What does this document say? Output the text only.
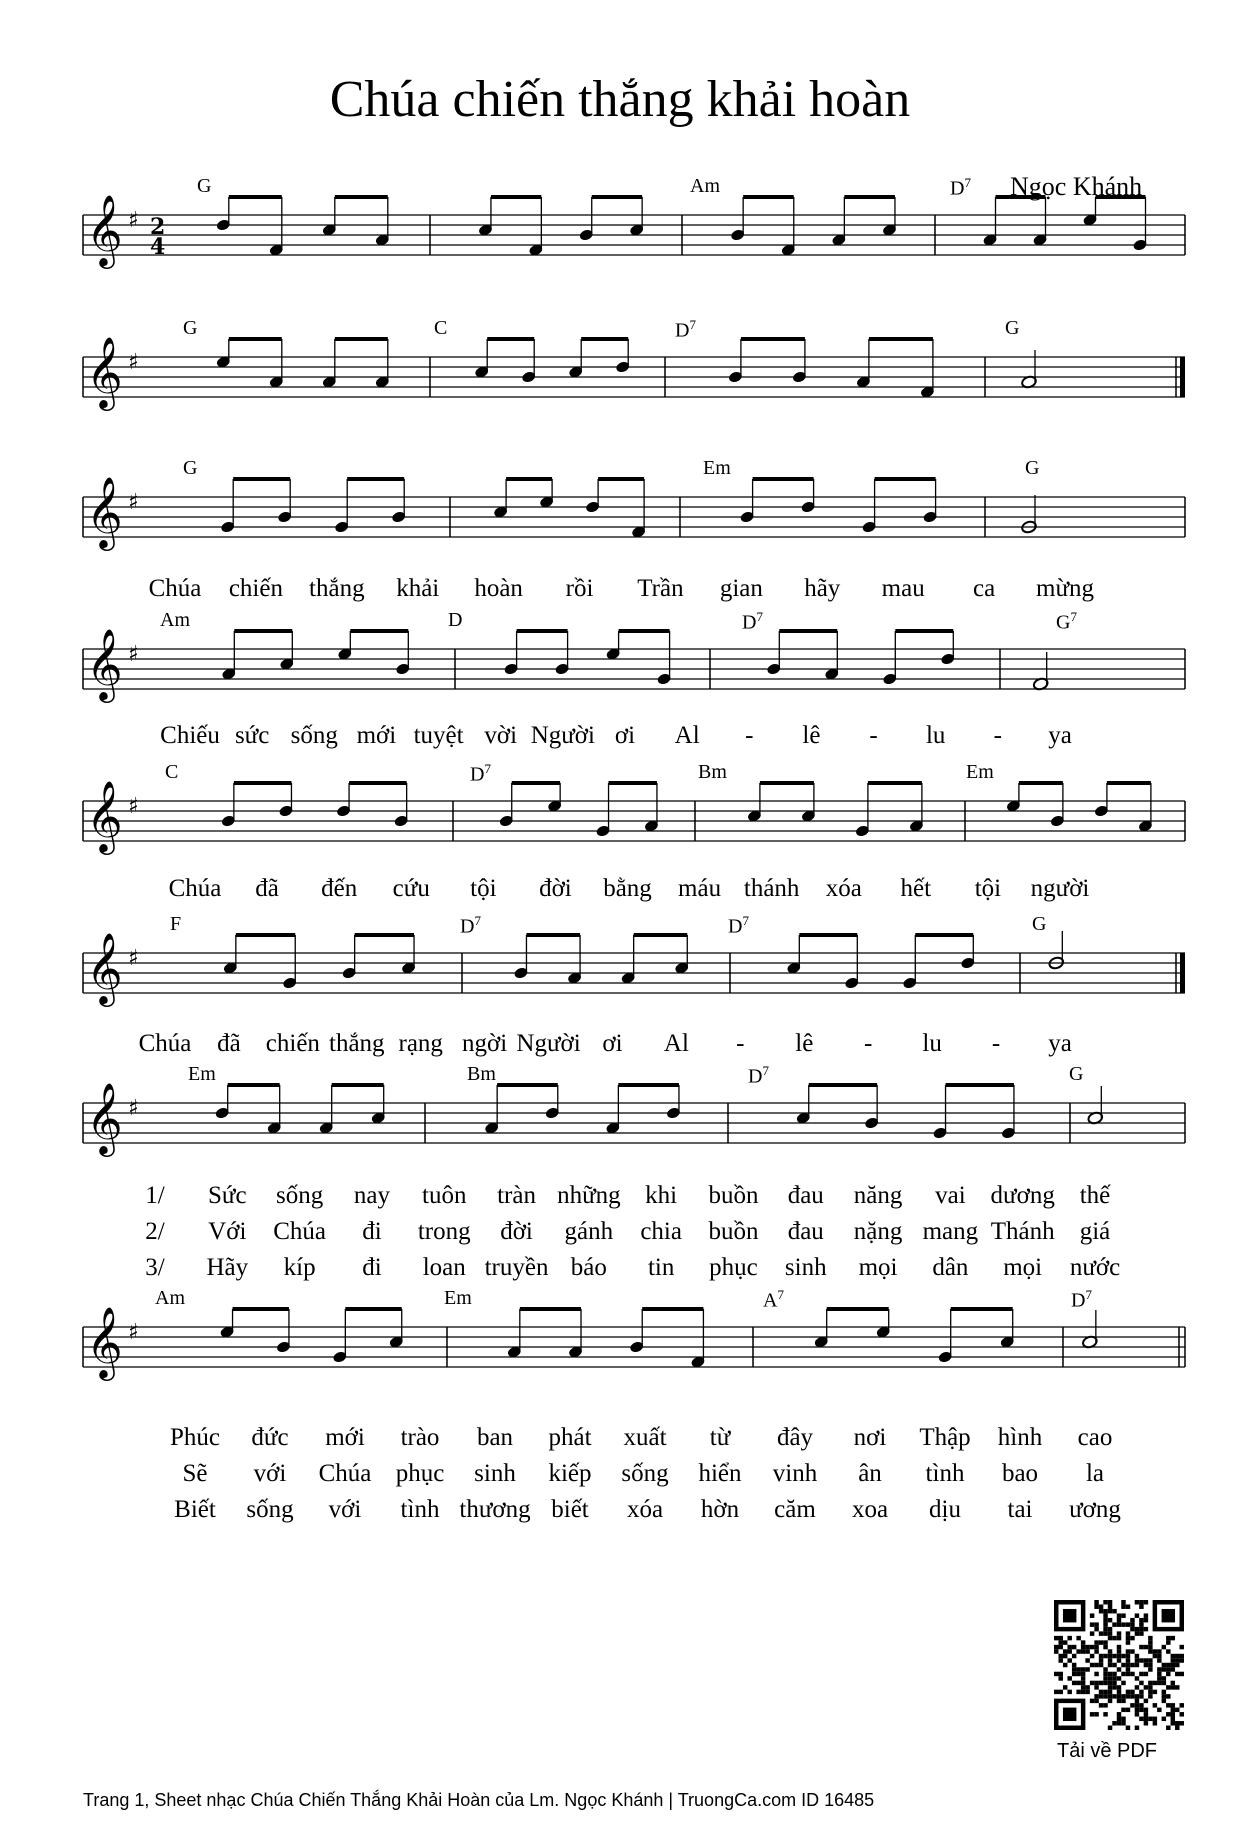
Chúa chiến thắng khải hoàn
Ngọc Khánh
𝄞 ♯ 2
4
G	Am	$D^7$
𝄞 ♯
G	C	$D^7$	G
𝄞 ♯
G	Em	G
𝄞 ♯
Am	D	$D^7$	$G^7$
𝄞 ♯
C	$D^7$	Bm	Em
𝄞 ♯
F	$D^7$	$D^7$	G
𝄞 ♯
Em	Bm	$D^7$	G
𝄞 ♯
Am	Em	$A^7$	$D^7$
Tải về PDF
Trang 1, Sheet nhạc Chúa Chiến Thắng Khải Hoàn của Lm. Ngọc Khánh | TruongCa.com ID 16485
Chúa chiến thắng khải hoàn rồi Trần gian hãy mau ca mừng
Chiếu sức sống mới tuyệt vời Người ơi Al - lê - lu - ya
Chúa đã đến cứu tội đời bằng máu thánh xóa hết tội người
Chúa đã chiến thắng rạng ngời Người ơi Al - lê - lu - ya
1/ Sức sống nay tuôn tràn những khi buồn đau năng vai dương thế
2/ Với Chúa đi trong đời gánh chia buồn đau nặng mang Thánh giá
3/ Hãy kíp đi loan truyền báo tin phục sinh mọi dân mọi nước
Phúc đức mới trào ban phát xuất từ đây nơi Thập hình cao
Sẽ với Chúa phục sinh kiếp sống hiển vinh ân tình bao la
Biết sống với tình thương biết xóa hờn căm xoa dịu tai ương
